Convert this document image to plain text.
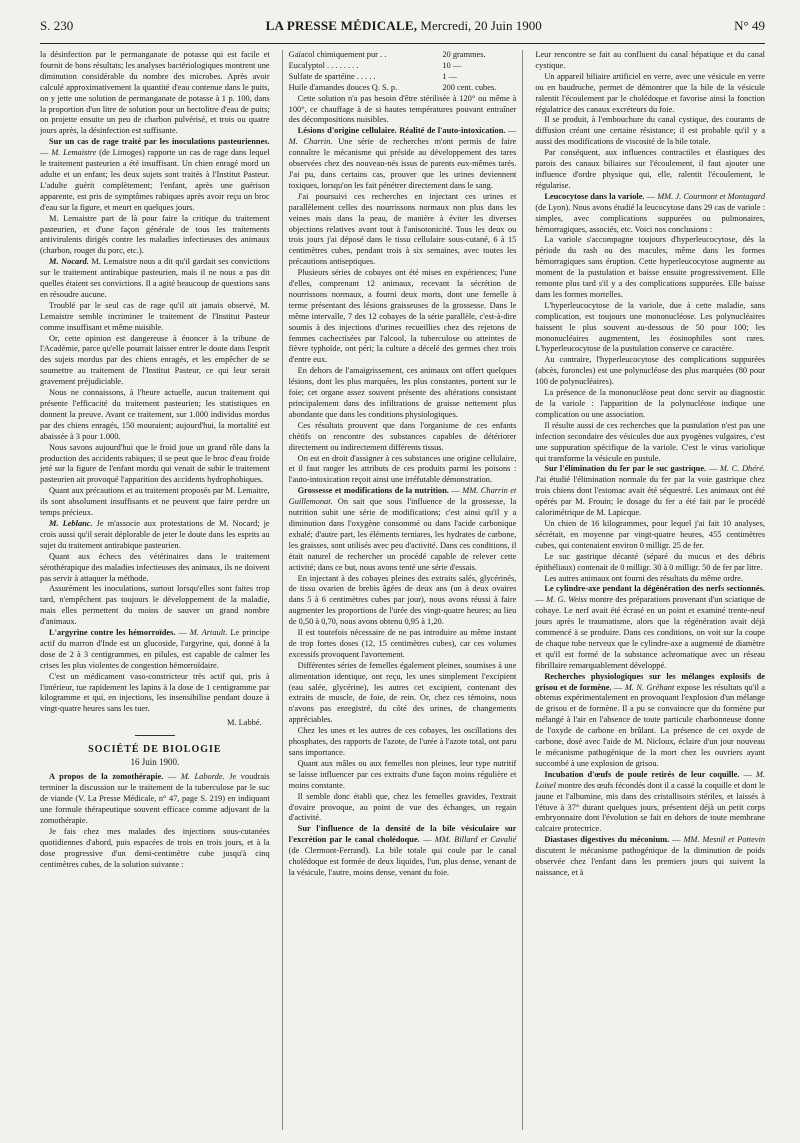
S. 230	LA PRESSE MÉDICALE, Mercredi, 20 Juin 1900	N° 49

la désinfection par le permanganate de potasse qui est facile et fournit de bons résultats; les analyses bactériologiques montrent une diminution considérable du nombre des microbes. Après avoir calculé approximativement la quantité d'eau contenue dans le puits, on y jette une solution de permanganate de potasse à 1 p. 100, dans la proportion d'un litre de solution pour un hectolitre d'eau de puits; on projette ensuite un peu de charbon pulvérisé, et trois ou quatre jours après, la désinfection est suffisante.

Sur un cas de rage traité par les inoculations pasteuriennes. — M. Lemaistre (de Limoges) rapporte un cas de rage dans lequel le traitement pasteurien a été insuffisant. Un chien enragé mord un adulte et un enfant; les deux sujets sont traités à l'Institut Pasteur. L'adulte guérit complètement; l'enfant, après une guérison apparente, est pris de symptômes rabiques après avoir reçu un broc d'eau sur la figure, et meurt en quelques jours.

M. Lemaistre part de là pour faire la critique du traitement pasteurien, et d'une façon générale de tous les traitements antivirulents dirigés contre les maladies infectieuses des animaux (charbon, rouget du porc, etc.).

M. Nocard. M. Lemaistre nous a dit qu'il gardait ses convictions sur le traitement antirabique pasteurien, mais il ne nous a pas dit quelles étaient ses convictions. Il a agité beaucoup de questions sans en résoudre aucune.

Troublé par le seul cas de rage qu'il ait jamais observé, M. Lemaistre semble incriminer le traitement de l'Institut Pasteur comme insuffisant et même nuisible.

Or, cette opinion est dangereuse à énoncer à la tribune de l'Académie, parce qu'elle pourrait laisser entrer le doute dans l'esprit des sujets mordus par des chiens enragés, et les empêcher de se soumettre au traitement de l'Institut Pasteur, ce qui leur serait gravement préjudiciable.

Nous ne connaissons, à l'heure actuelle, aucun traitement qui présente l'efficacité du traitement pasteurien; les statistiques en donnent la preuve. Avant ce traitement, sur 1.000 individus mordus par des chiens enragés, 150 mouraient; aujourd'hui, la mortalité est abaissée à 3 pour 1.000.

Nous savons aujourd'hui que le froid joue un grand rôle dans la production des accidents rabiques; il se peut que le broc d'eau froide jeté sur la figure de l'enfant mordu qui venait de subir le traitement pasteurien ait provoqué l'apparition des accidents hydrophobiques.

Quant aux précautions et au traitement proposés par M. Lemaitre, ils sont absolument insuffisants et ne peuvent que faire perdre un temps précieux.

M. Leblanc. Je m'associe aux protestations de M. Nocard; je crois aussi qu'il serait déplorable de jeter le doute dans les esprits au sujet du traitement antirabique pasteurien.

Quant aux échecs des vétérinaires dans le traitement sérothérapique des maladies infectieuses des animaux, ils ne doivent pas servir à attaquer la méthode.

Assurément les inoculations, surtout lorsqu'elles sont faites trop tard, n'empêchent pas toujours le développement de la maladie, mais elles permettent du moins de sauver un grand nombre d'animaux.

L'argyrine contre les hémorroïdes. — M. Artault. Le principe actif du marron d'Inde est un glucoside, l'argyrine, qui, donné à la dose de 2 à 3 centigrammes, en pilules, est capable de calmer les crises les plus violentes de congestion hémorroïdaire.

C'est un médicament vaso-constricteur très actif qui, pris à l'intérieur, tue rapidement les lapins à la dose de 1 centigramme par kilogramme et qui, en injections, les insensibilise pendant douze à vingt-quatre heures sans les tuer.

M. Labbé.
SOCIÉTÉ DE BIOLOGIE
16 Juin 1900.

A propos de la zomothérapie. — M. Laborde. Je voudrais terminer la discussion sur le traitement de la tuberculose par le suc de viande (V. La Presse Médicale, n° 47, page S. 219) en indiquant une formule thérapeutique souvent efficace comme adjuvant de la zomothérapie.

Je fais chez mes malades des injections sous-cutanées quotidiennes d'abord, puis espacées de trois en trois jours, et à la dose progressive d'un demi-centimètre cube jusqu'à cinq centimètres cubes, de la solution suivante :

Gaïacol chimiquement pur . .	20 grammes.
Eucalyptol . . . . . . . .	10 —
Sulfate de spartéine . . . . .	1 —
Huile d'amandes douces Q. S. p.	200 cent. cubes.

Cette solution n'a pas besoin d'être stérilisée à 120° ou même à 100°, ce chauffage à de si hautes températures pouvant entraîner des décompositions nuisibles.

Lésions d'origine cellulaire. Réalité de l'auto-intoxication. — M. Charrin. Une série de recherches m'ont permis de faire connaître le mécanisme qui préside au développement des tares observées chez des nouveau-nés issus de parents eux-mêmes tarés. J'ai pu, dans certains cas, prouver que les urines deviennent toxiques, lorsqu'on les fait pénétrer directement dans le sang.

J'ai poursuivi ces recherches en injectant ces urines et parallèlement celles des nourrissons normaux non plus dans les veines mais dans la peau, de manière à éviter les diverses objections relatives avant tout à l'anisotonicité. Tous les deux ou trois jours j'ai déposé dans le tissu cellulaire sous-cutané, 6 à 15 centimètres cubes, pendant trois à six semaines, avec toutes les précautions antiseptiques.

Plusieurs séries de cobayes ont été mises en expériences; l'une d'elles, comprenant 12 animaux, recevant la sécrétion de nourrissons normaux, a fourni deux morts, dont une femelle à terme présentant des lésions graisseuses de la grossesse. Dans le même intervalle, 7 des 12 cobayes de la série parallèle, c'est-à-dire soumis à des injections d'urines recueillies chez des rejetons de femmes cachectisées par l'alcool, la tuberculose ou atteintes de fièvre typhoïde, ont péri; la culture a décelé des germes chez trois d'entre eux.

En dehors de l'amaigrissement, ces animaux ont offert quelques lésions, dont les plus marquées, les plus constantes, portent sur le foie; cet organe assez souvent présente des altérations consistant principalement dans des infiltrations de graisse nettement plus abondante que dans les conditions physiologiques.

Ces résultats prouvent que dans l'organisme de ces enfants chétifs on rencontre des substances capables de détériorer directement ou indirectement différents tissus.

On est en droit d'assigner à ces substances une origine cellulaire, et il faut ranger les attributs de ces produits parmi les poisons : l'auto-intoxication reçoit ainsi une irréfutable démonstration.

Grossesse et modifications de la nutrition. — MM. Charrin et Guillemonat. On sait que sous l'influence de la grossesse, la nutrition subit une série de modifications; c'est ainsi qu'il y a diminution dans l'oxygène consommé ou dans l'acide carbonique exhalé; d'autre part, les éléments terniares, les hydrates de carbone, les graisses, sont utilisés avec peu d'activité. Dans ces conditions, il était naturel de rechercher un procédé capable de relever cette activité; dans ce but, nous avons tenté une série d'essais.

En injectant à des cobayes pleines des extraits salés, glycérinés, de tissu ovarien de brebis âgées de deux ans (un à deux ovaires dans 5 à 6 centimètres cubes par jour), nous avons réussi à faire augmenter les proportions de l'urée des vingt-quatre heures; au lieu de 0,50 à 0,70, nous avons obtenu 0,95 à 1,20.

Il est toutefois nécessaire de ne pas introduire au même instant de trop fortes doses (12, 15 centimètres cubes), car ces volumes excessifs provoquent l'avortement.

Différentes séries de femelles également pleines, soumises à une alimentation identique, ont reçu, les unes simplement l'excipient (eau salée, glycérine), les autres cet excipient, contenant des extraits de muscle, de foie, de rein. Or, chez ces témoins, nous n'avons pas enregistré, du côté des urines, de changements appréciables.

Chez les unes et les autres de ces cobayes, les oscillations des phosphates, des rapports de l'azote, de l'urée à l'azote total, ont paru sans importance.

Quant aux mâles ou aux femelles non pleines, leur type nutritif se laisse influencer par ces extraits d'une façon moins régulière et moins constante.

Il semble donc établi que, chez les femelles gravides, l'extrait d'ovaire provoque, au point de vue des échanges, un regain d'activité.

Sur l'influence de la densité de la bile vésiculaire sur l'excrétion par le canal cholédoque. — MM. Billard et Cavalié (de Clermont-Ferrand). La bile totale qui coule par le canal cholédoque est formée de deux liquides, l'un, plus dense, venant de la vésicule, l'autre, moins dense, venant du foie.

Leur rencontre se fait au confluent du canal hépatique et du canal cystique.

Un appareil biliaire artificiel en verre, avec une vésicule en verre ou en baudruche, permet de démontrer que la bile de la vésicule ralentit l'écoulement par le cholédoque et favorise ainsi la fonction régulatrice des canaux excréteurs du foie.

Il se produit, à l'embouchure du canal cystique, des courants de diffusion créant une certaine résistance; il est probable qu'il y a aussi des modifications de viscosité de la bile totale.

Par conséquent, aux influences contractiles et élastiques des parois des canaux biliaires sur l'écoulement, il faut ajouter une influence d'ordre physique qui, elle, ralentit l'écoulement, le régularise.

Leucocytose dans la variole. — MM. J. Courmont et Montagard (de Lyon). Nous avons étudié la leucocytose dans 29 cas de variole : simples, avec complications suppurées ou pulmonaires, hémorragiques, associés, etc. Voici nos conclusions :

La variole s'accompagne toujours d'hyperleucocytose, dès la période du rash ou des macules, même dans les formes hémorragiques sans éruption. Cette hyperleucocytose augmente au moment de la pustulation et baisse ensuite progressivement. Elle remonte plus tard s'il y a des complications suppurées. Elle baisse dans les formes mortelles.

L'hyperleucocytose de la variole, due à cette maladie, sans complication, est toujours une mononucléose. Les polynucléaires baissent le plus souvent au-dessous de 50 pour 100; les mononucléaires augmentent, les éosinophiles sont rares. L'hyperleucocytose de la pustulation conserve ce caractère.

Au contraire, l'hyperleucocytose des complications suppurées (abcès, furoncles) est une polynucléose des plus marquées (80 pour 100 de polynucléaires).

La présence de la mononucléose peut donc servir au diagnostic de la variole : l'apparition de la polynucléose indique une complication ou une association.

Il résulte aussi de ces recherches que la pustulation n'est pas une infection secondaire des vésicules due aux pyogènes vulgaires, c'est une suppuration spécifique de la variole. C'est le virus variolique qui transforme la vésicule en pustule.

Sur l'élimination du fer par le suc gastrique. — M. C. Dhéré. J'ai étudié l'élimination normale du fer par la voie gastrique chez trois chiens dont l'estomac avait été séquestré. Les animaux ont été opérés par M. Frouin; le dosage du fer a été fait par le procédé calorimétrique de M. Lapicque.

Un chien de 16 kilogrammes, pour lequel j'ai fait 10 analyses, sécrétait, en moyenne par vingt-quatre heures, 455 centimètres cubes, qui contenaient environ 0 milligr. 25 de fer.

Le suc gastrique décanté (séparé du mucus et des débris épithéliaux) contenait de 0 milligr. 30 à 0 milligr. 50 de fer par litre.

Les autres animaux ont fourni des résultats du même ordre.

Le cylindre-axe pendant la dégénération des nerfs sectionnés. — M. G. Weiss montre des préparations provenant d'un sciatique de cobaye. Le nerf avait été écrasé en un point et examiné trente-neuf jours après le traumatisme, alors que la régénération avait déjà commencé à se produire. Dans ces conditions, on voit sur la coupe de chaque tube nerveux que le cylindre-axe a augmenté de diamètre et qu'il est formé de la substance achromatique avec un réseau fibrillaire remarquablement développé.

Recherches physiologiques sur les mélanges explosifs de grisou et de formène. — M. N. Gréhant expose les résultats qu'il a obtenus expérimentalement en provoquant l'explosion d'un mélange de grisou et de formène. Il a pu se convaincre que du formène pur mélangé à l'air en l'absence de toute particule charbonneuse donne de l'oxyde de carbone en brûlant. La présence de cet oxyde de carbone, dosé avec l'aide de M. Nicloux, éclaire d'un jour nouveau le mécanisme pathogénique de la mort chez les ouvriers ayant succombé à une explosion de grisou.

Incubation d'œufs de poule retirés de leur coquille. — M. Loisel montre des œufs fécondés dont il a cassé la coquille et dont le jaune et l'albumine, mis dans des cristallisoirs stériles, et laissés à l'étuve à 37° durant quelques jours, présentent déjà un petit corps embryonnaire dont l'évolution se fait en dehors de toute membrane calcaire protectrice.

Diastases digestives du méconium. — MM. Mesnil et Pottevin discutent le mécanisme pathogénique de la diminution de poids observée chez l'enfant dans les premiers jours qui suivent la naissance, et à
